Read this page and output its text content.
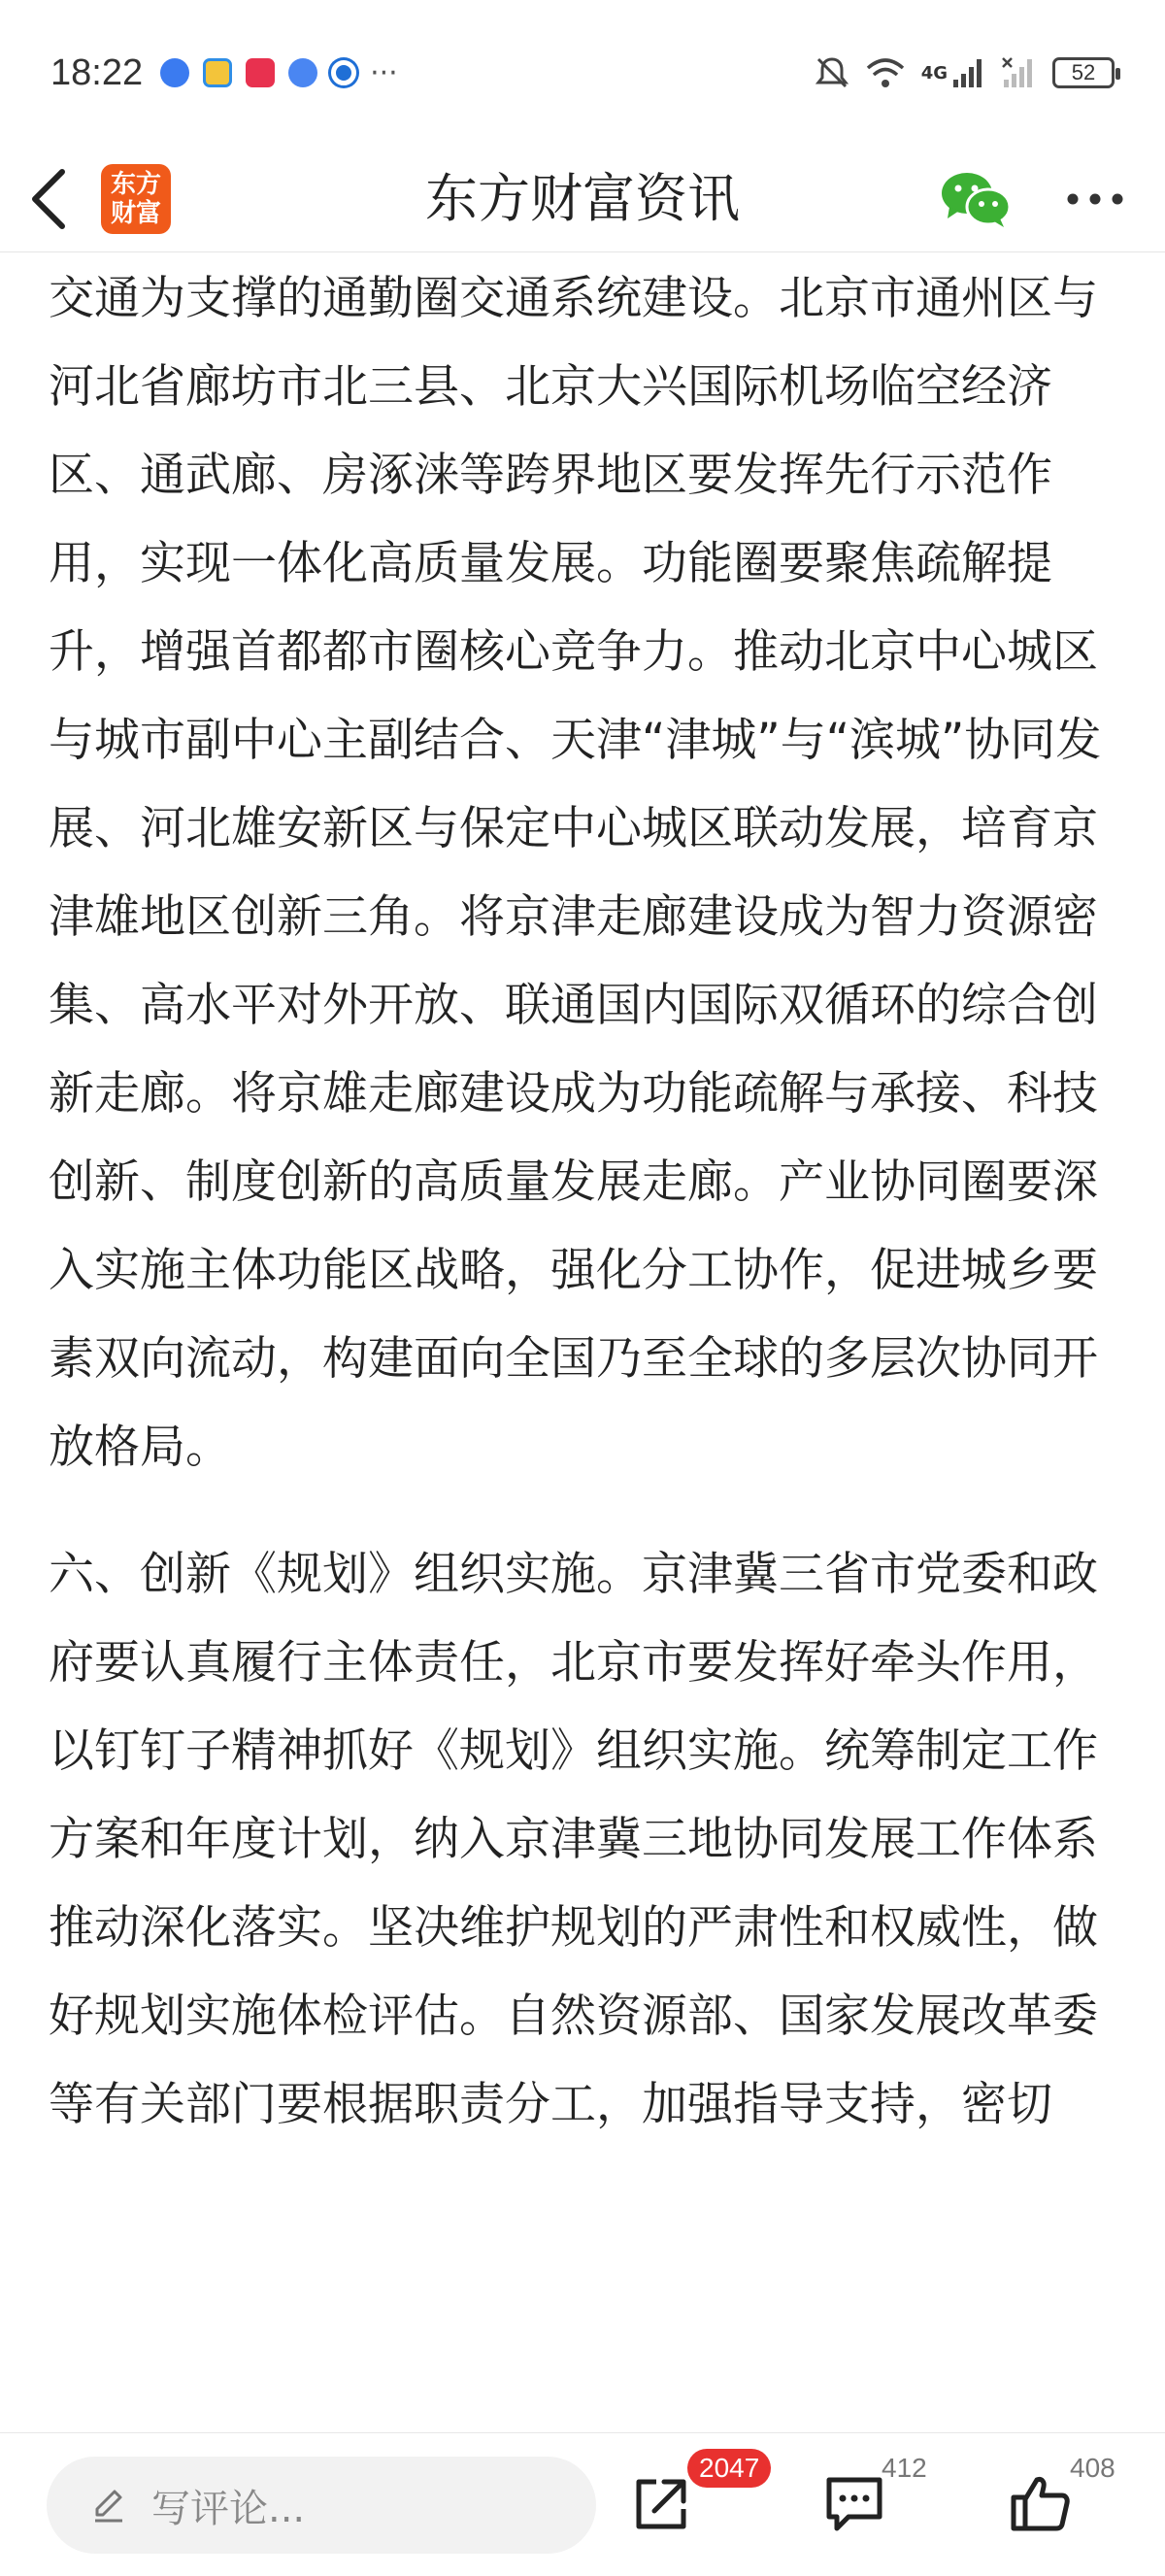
18:22	···	4G	52
东方
财富	东方财富资讯

交通为支撑的通勤圈交通系统建设。北京市通州区与河北省廊坊市北三县、北京大兴国际机场临空经济区、通武廊、房涿涞等跨界地区要发挥先行示范作用，实现一体化高质量发展。功能圈要聚焦疏解提升，增强首都都市圈核心竞争力。推动北京中心城区与城市副中心主副结合、天津“津城”与“滨城”协同发展、河北雄安新区与保定中心城区联动发展，培育京津雄地区创新三角。将京津走廊建设成为智力资源密集、高水平对外开放、联通国内国际双循环的综合创新走廊。将京雄走廊建设成为功能疏解与承接、科技创新、制度创新的高质量发展走廊。产业协同圈要深入实施主体功能区战略，强化分工协作，促进城乡要素双向流动，构建面向全国乃至全球的多层次协同开放格局。

六、创新《规划》组织实施。京津冀三省市党委和政府要认真履行主体责任，北京市要发挥好牵头作用，以钉钉子精神抓好《规划》组织实施。统筹制定工作方案和年度计划，纳入京津冀三地协同发展工作体系推动深化落实。坚决维护规划的严肃性和权威性，做好规划实施体检评估。自然资源部、国家发展改革委等有关部门要根据职责分工，加强指导支持，密切

写评论...
2047	412	408
